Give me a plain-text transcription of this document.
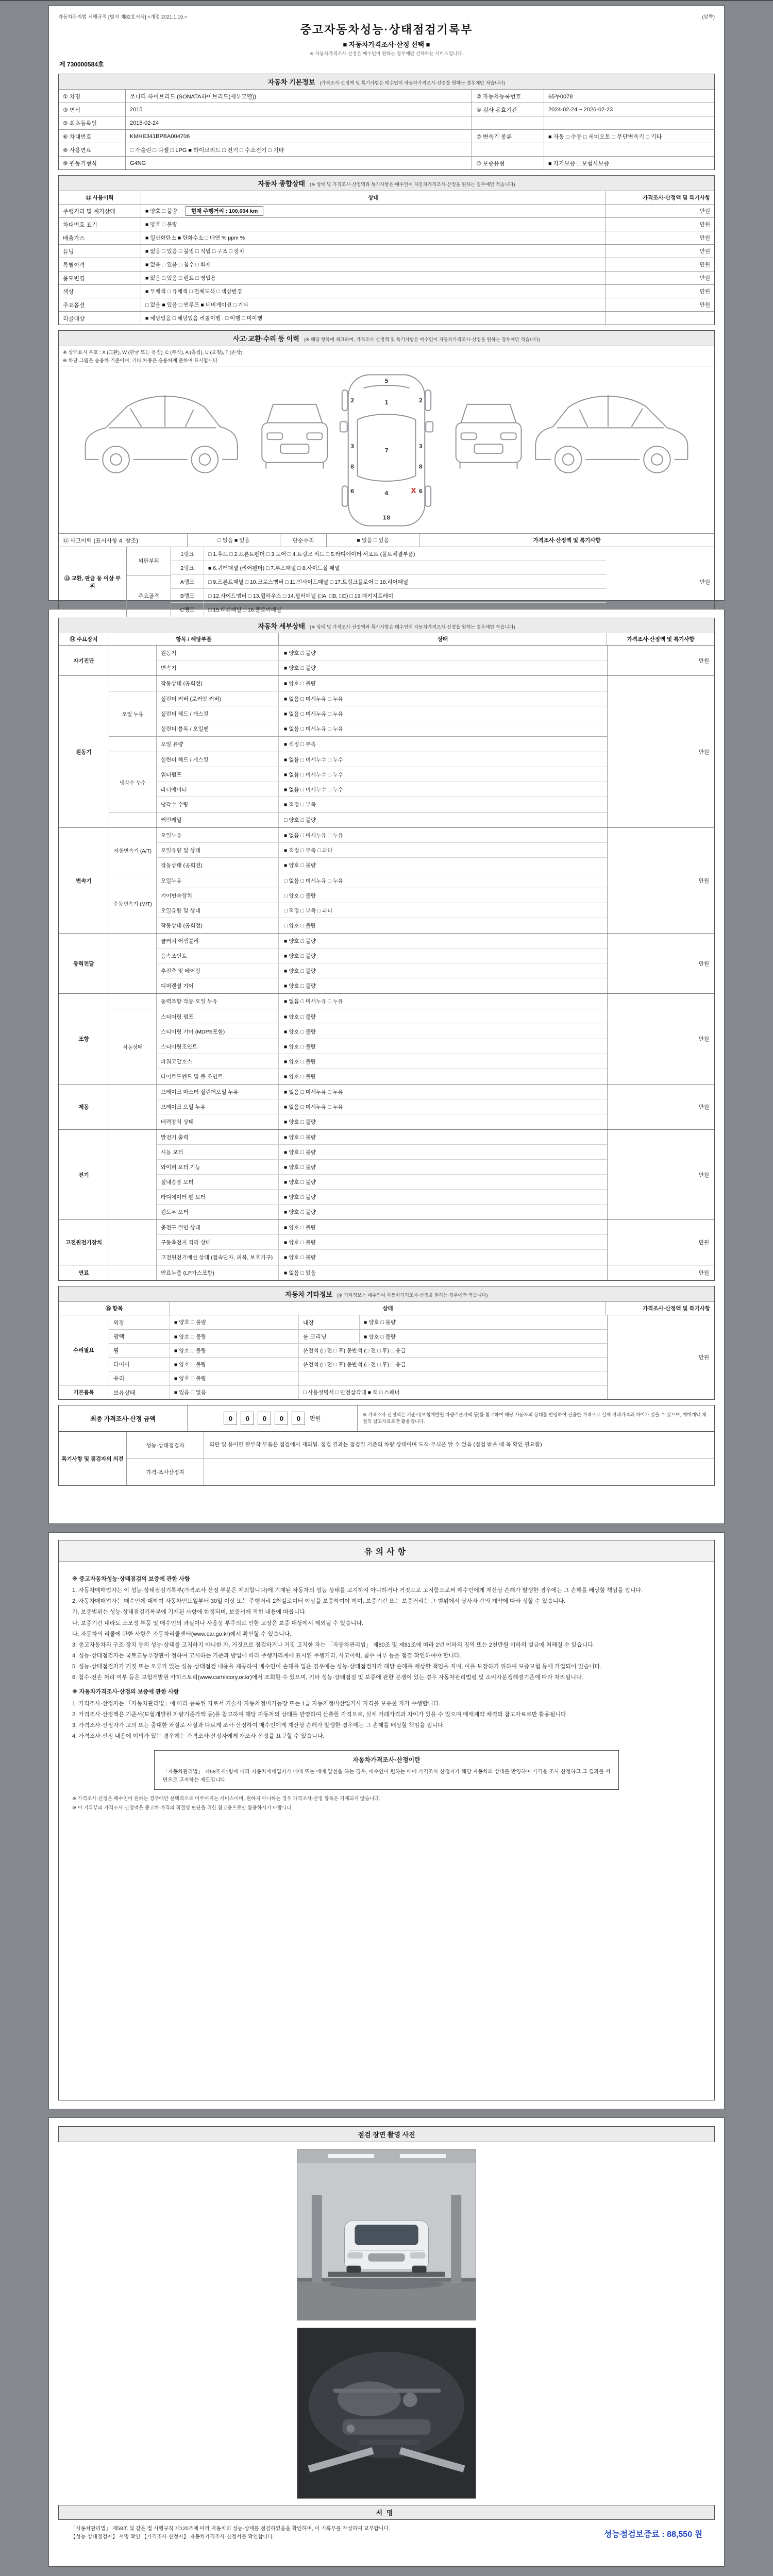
자동차관리법 시행규칙 [별지 제82호서식] <개정 2021.1.19.>	(앞쪽)
중고자동차성능·상태점검기록부
■ 자동차가격조사·산정 선택 ■
※ 자동차가격조사·산정은 매수인이 원하는 경우에만 선택하는 서비스입니다.
제 730000584호
자동차 기본정보 (가격조사·산정액 및 특기사항은 매수인이 자동차가격조사·산정을 원하는 경우에만 적습니다)
① 차명	쏘나타 하이브리드 (SONATA하이브리드(세부모델))	② 자동차등록번호	65누0078
③ 연식	2015	④ 검사 유효기간	2024-02-24 ~ 2026-02-23
⑤ 최초등록일	2015-02-24
⑥ 차대번호	KMHE341BPBA004706	⑦ 변속기 종류	■ 자동 □ 수동 □ 세미오토 □ 무단변속기 □ 기타
⑧ 사용연료	□ 가솔린 □ 디젤 □ LPG ■ 하이브리드 □ 전기 □ 수소전기 □ 기타
⑨ 원동기형식	G4NG	⑩ 보증유형	■ 자가보증 □ 보험사보증
자동차 종합상태 (※ 상태 및 가격조사·산정액과 특기사항은 매수인이 자동차가격조사·산정을 원하는 경우에만 적습니다)
⑪ 사용이력	상태	가격조사·산정액 및 특기사항
주행거리 및 계기상태	■ 양호 □ 불량	현재 주행거리 : 100,604 km	만원
차대번호 표기	■ 양호 □ 불량	만원
배출가스	■ 일산화탄소 ■ 탄화수소 □ 매연 % ppm %	만원
튜닝	■ 없음 □ 있음 □ 불법 □ 적법 □ 구조 □ 장치	만원
특별이력	■ 없음 □ 있음 □ 침수 □ 화재	만원
용도변경	■ 없음 □ 있음 □ 렌트 □ 영업용	만원
색상	■ 무채색 □ 유채색 □ 전체도색 □ 색상변경	만원
주요옵션	□ 없음 ■ 있음 □ 썬루프 ■ 네비게이션 □ 기타	만원
리콜대상	■ 해당없음 □ 해당있음 리콜이행 : □ 이행 □ 미이행
사고·교환·수리 등 이력 (※ 해당 항목에 체크하며, 가격조사·산정액 및 특기사항은 매수인이 자동차가격조사·산정을 원하는 경우에만 적습니다)
※ 상태표시 부호 : X (교환), W (판금 또는 용접), C (부식), A (흠집), U (요철), T (손상)
※ 하단 그림은 승용차 기준이며, 기타 차종은 승용차에 준하여 표시합니다.
5
1
7
4
18
2	2
3	3
8	8
6	6
X
⑫ 사고이력 (표시사항 4. 참조)	□ 없음 ■ 있음	단순수리	■ 없음 □ 있음	가격조사·산정액 및 특기사항
⑬ 교환, 판금 등 이상 부위
외판부위
주요골격
1랭크	□ 1.후드 □ 2.프론트펜더 □ 3.도어 □ 4.트렁크 리드 □ 5.라디에이터 서포트 (볼트체결부품)
2랭크	■ 6.쿼터패널 (리어펜더) □ 7.루프패널 □ 8.사이드실 패널
A랭크	□ 9.프론트패널 □ 10.크로스멤버 □ 11.인사이드패널 □ 17.트렁크플로어 □ 18.리어패널
B랭크	□ 12.사이드멤버 □ 13.휠하우스 □ 14.필러패널 (□A, □B, □C) □ 19.패키지트레이
C랭크	□ 15.대쉬패널 □ 16.플로어패널
만원
자동차 세부상태 (※ 상태 및 가격조사·산정액과 특기사항은 매수인이 자동차가격조사·산정을 원하는 경우에만 적습니다)
⑭ 주요장치	항목 / 해당부품	상태	가격조사·산정액 및 특기사항
자기진단
원동기	■ 양호 □ 불량
변속기	■ 양호 □ 불량
만원
원동기
작동상태 (공회전)	■ 양호 □ 불량
오일 누유
실린더 커버 (로커암 커버)	■ 없음 □ 미세누유 □ 누유
실린더 헤드 / 개스킷	■ 없음 □ 미세누유 □ 누유
실린더 블록 / 오일팬	■ 없음 □ 미세누유 □ 누유
오일 유량	■ 적정 □ 부족
냉각수 누수
실린더 헤드 / 개스킷	■ 없음 □ 미세누수 □ 누수
워터펌프	■ 없음 □ 미세누수 □ 누수
라디에이터	■ 없음 □ 미세누수 □ 누수
냉각수 수량	■ 적정 □ 부족
커먼레일	□ 양호 □ 불량
만원
변속기
자동변속기 (A/T)
오일누유	■ 없음 □ 미세누유 □ 누유
오일유량 및 상태	■ 적정 □ 부족 □ 과다
작동상태 (공회전)	■ 양호 □ 불량
수동변속기 (M/T)
오일누유	□ 없음 □ 미세누유 □ 누유
기어변속장치	□ 양호 □ 불량
오일유량 및 상태	□ 적정 □ 부족 □ 과다
작동상태 (공회전)	□ 양호 □ 불량
만원
동력전달
클러치 어셈블리	■ 양호 □ 불량
등속조인트	■ 양호 □ 불량
추진축 및 베어링	■ 양호 □ 불량
디퍼렌셜 기어	■ 양호 □ 불량
만원
조향
동력조향 작동 오일 누유	■ 없음 □ 미세누유 □ 누유
작동상태
스티어링 펌프	■ 양호 □ 불량
스티어링 기어 (MDPS포함)	■ 양호 □ 불량
스티어링조인트	■ 양호 □ 불량
파워고압호스	■ 양호 □ 불량
타이로드엔드 및 볼 조인트	■ 양호 □ 불량
만원
제동
브레이크 마스터 실린더오일 누유	■ 없음 □ 미세누유 □ 누유
브레이크 오일 누유	■ 없음 □ 미세누유 □ 누유
배력장치 상태	■ 양호 □ 불량
만원
전기
발전기 출력	■ 양호 □ 불량
시동 모터	■ 양호 □ 불량
와이퍼 모터 기능	■ 양호 □ 불량
실내송풍 모터	■ 양호 □ 불량
라디에이터 팬 모터	■ 양호 □ 불량
윈도우 모터	■ 양호 □ 불량
만원
고전원전기장치
충전구 절연 상태	■ 양호 □ 불량
구동축전지 격리 상태	■ 양호 □ 불량
고전원전기배선 상태 (접속단자, 피복, 보호기구)	■ 양호 □ 불량
만원
연료	연료누출 (LP가스포함)	■ 없음 □ 있음	만원
자동차 기타정보 (※ 기타정보는 매수인이 자동차가격조사·산정을 원하는 경우에만 적습니다)
⑮ 항목	상태	가격조사·산정액 및 특기사항
수리필요
외장	■ 양호 □ 불량	내장	■ 양호 □ 불량
광택	■ 양호 □ 불량	룸 크리닝	■ 양호 □ 불량
휠	■ 양호 □ 불량	운전석 (□ 전 □ 후) 동반석 (□ 전 □ 후) □ 응급
타이어	■ 양호 □ 불량	운전석 (□ 전 □ 후) 동반석 (□ 전 □ 후) □ 응급
유리	■ 양호 □ 불량
기본품목	보유상태	■ 있음 □ 없음	□ 사용설명서 □ 안전삼각대 ■ 잭 □ 스패너
만원
최종 가격조사·산정 금액	0	0	0	0	0	만원
※ 가격조사·산정액은 기준서(보험개발원 차량기준가액 등)를 참고하여 해당 자동차의 상태를 반영하여 산출한 가격으로 실제 거래가격과 차이가 있을 수 있으며, 매매계약 체결의 참고자료로만 활용됩니다.
특기사항 및 점검자의 의견
성능·상태점검자	외판 및 용이한 탈부착 부품은 점검에서 제외됨. 점검 결과는 점검일 기준의 차량 상태이며 도색·부식은 알 수 없음 (점검 받을 때 꼭 확인 필요함)
가격·조사산정자
유의사항
※ 중고자동차성능·상태점검의 보증에 관한 사항

1. 자동차매매업자는 이 성능·상태점검기록부(가격조사·산정 부분은 제외합니다)에 기재된 자동차의 성능·상태를 고지하지 아니하거나 거짓으로 고지함으로써 매수인에게 재산상 손해가 발생한 경우에는 그 손해를 배상할 책임을 집니다.

2. 자동차매매업자는 매수인에 대하여 자동차인도일부터 30일 이상 또는 주행거리 2천킬로미터 이상을 보증하여야 하며, 보증기간 또는 보증거리는 그 범위에서 당사자 간의 계약에 따라 정할 수 있습니다.

가. 보증범위는 성능·상태점검기록부에 기재된 사항에 한정되며, 보증서에 적힌 내용에 따릅니다.

나. 보증기간 내라도 소모성 부품 및 매수인의 과실이나 사용상 부주의로 인한 고장은 보증 대상에서 제외될 수 있습니다.

다. 자동차의 리콜에 관한 사항은 자동차리콜센터(www.car.go.kr)에서 확인할 수 있습니다.

3. 중고자동차의 구조·장치 등의 성능·상태를 고지하지 아니한 자, 거짓으로 점검하거나 거짓 고지한 자는 「자동차관리법」 제80조 및 제81조에 따라 2년 이하의 징역 또는 2천만원 이하의 벌금에 처해질 수 있습니다.

4. 성능·상태점검자는 국토교통부장관이 정하여 고시하는 기준과 방법에 따라 주행거리계에 표시된 주행거리, 사고이력, 침수 여부 등을 점검·확인하여야 합니다.

5. 성능·상태점검자가 거짓 또는 오류가 있는 성능·상태점검 내용을 제공하여 매수인이 손해를 입은 경우에는 성능·상태점검자가 해당 손해를 배상할 책임을 지며, 이를 보장하기 위하여 보증보험 등에 가입되어 있습니다.

6. 침수·전손 처리 여부 등은 보험개발원 카히스토리(www.carhistory.or.kr)에서 조회할 수 있으며, 기타 성능·상태점검 및 보증에 관한 분쟁이 있는 경우 자동차관리법령 및 소비자분쟁해결기준에 따라 처리됩니다.

※ 자동차가격조사·산정의 보증에 관한 사항

1. 가격조사·산정자는 「자동차관리법」에 따라 등록된 자로서 기술사·자동차정비기능장 또는 1급 자동차정비산업기사 자격을 보유한 자가 수행합니다.

2. 가격조사·산정액은 기준서(보험개발원 차량기준가액 등)를 참고하여 해당 자동차의 상태를 반영하여 산출한 가격으로, 실제 거래가격과 차이가 있을 수 있으며 매매계약 체결의 참고자료로만 활용됩니다.

3. 가격조사·산정자가 고의 또는 중대한 과실로 사실과 다르게 조사·산정하여 매수인에게 재산상 손해가 발생한 경우에는 그 손해를 배상할 책임을 집니다.

4. 가격조사·산정 내용에 이의가 있는 경우에는 가격조사·산정자에게 재조사·산정을 요구할 수 있습니다.

자동차가격조사·산정이란
「자동차관리법」 제58조제1항에 따라 자동차매매업자가 매매 또는 매매 알선을 하는 경우, 매수인이 원하는 때에 가격조사·산정자가 해당 자동차의 상태를 반영하여 가격을 조사·산정하고 그 결과를 서면으로 고지하는 제도입니다.

※ 가격조사·산정은 매수인이 원하는 경우에만 선택적으로 이루어지는 서비스이며, 원하지 아니하는 경우 가격조사·산정 항목은 기재되지 않습니다.

※ 이 기록부의 가격조사·산정액은 중고차 가격의 적절성 판단을 위한 참고용으로만 활용하시기 바랍니다.

점검 장면 촬영 사진
서명
「자동차관리법」 제58조 및 같은 법 시행규칙 제120조에 따라 자동차의 성능·상태를 점검하였음을 확인하며, 이 기록부를 작성하여 교부합니다.
【성능·상태점검자】 서명 확인 【가격조사·산정자】 자동차가격조사·산정서를 확인합니다.	성능점검보증료 : 88,550 원
